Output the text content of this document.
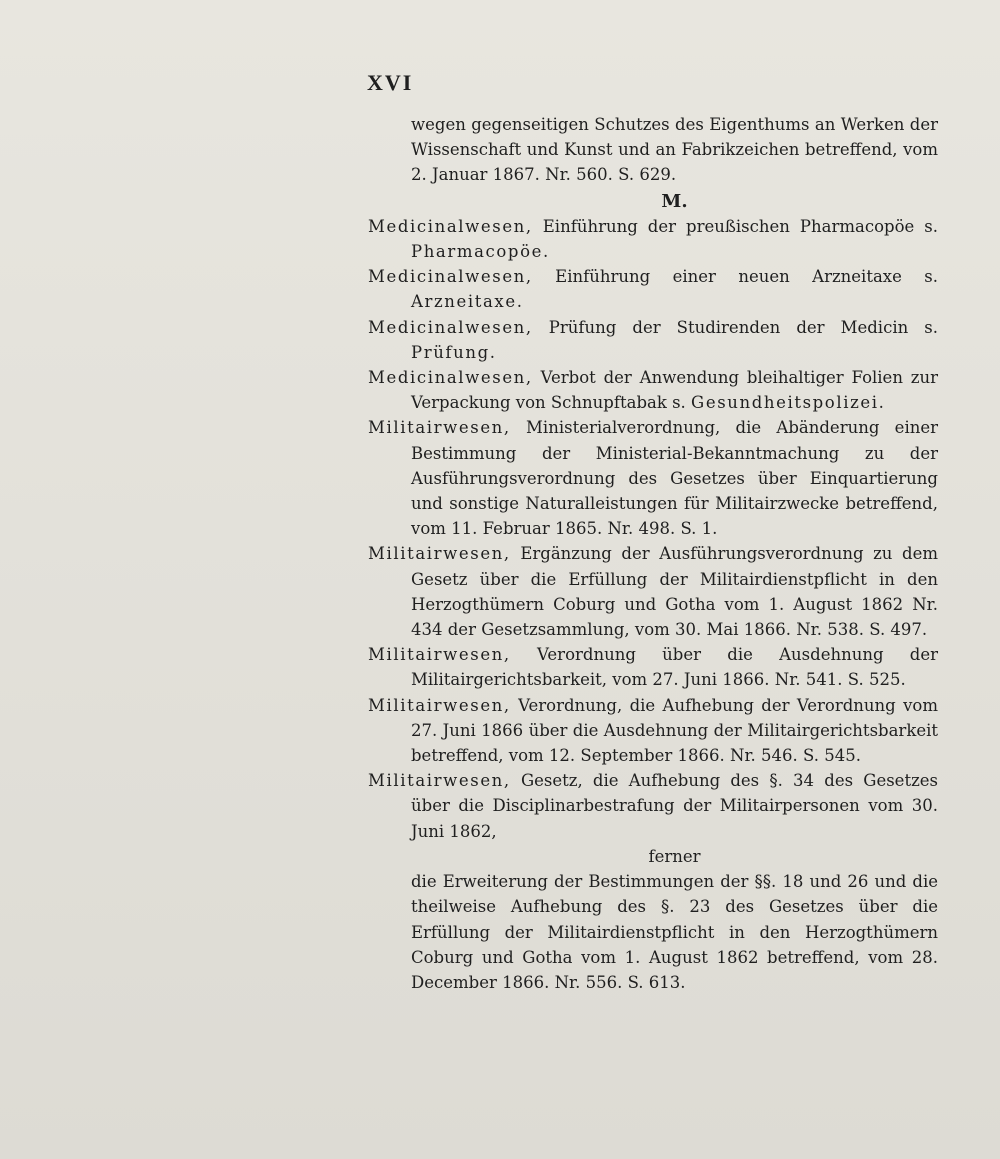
XVI
wegen gegenseitigen Schutzes des Eigenthums an Werken der Wissenschaft und Kunst und an Fabrikzeichen betreffend, vom 2. Januar 1867. Nr. 560. S. 629.
M.
Medicinalwesen, Einführung der preußischen Pharmacopöe s. Pharmacopöe.
Medicinalwesen, Einführung einer neuen Arzneitaxe s. Arzneitaxe.
Medicinalwesen, Prüfung der Studirenden der Medicin s. Prüfung.
Medicinalwesen, Verbot der Anwendung bleihaltiger Folien zur Verpackung von Schnupftabak s. Gesundheitspolizei.
Militairwesen, Ministerialverordnung, die Abänderung einer Bestimmung der Ministerial-Bekanntmachung zu der Ausführungsverordnung des Gesetzes über Einquartierung und sonstige Naturalleistungen für Militairzwecke betreffend, vom 11. Februar 1865. Nr. 498. S. 1.
Militairwesen, Ergänzung der Ausführungsverordnung zu dem Gesetz über die Erfüllung der Militairdienstpflicht in den Herzogthümern Coburg und Gotha vom 1. August 1862 Nr. 434 der Gesetzsammlung, vom 30. Mai 1866. Nr. 538. S. 497.
Militairwesen, Verordnung über die Ausdehnung der Militairgerichtsbarkeit, vom 27. Juni 1866. Nr. 541. S. 525.
Militairwesen, Verordnung, die Aufhebung der Verordnung vom 27. Juni 1866 über die Ausdehnung der Militairgerichtsbarkeit betreffend, vom 12. September 1866. Nr. 546. S. 545.
Militairwesen, Gesetz, die Aufhebung des §. 34 des Gesetzes über die Disciplinarbestrafung der Militairpersonen vom 30. Juni 1862,
ferner
die Erweiterung der Bestimmungen der §§. 18 und 26 und die theilweise Aufhebung des §. 23 des Gesetzes über die Erfüllung der Militairdienstpflicht in den Herzogthümern Coburg und Gotha vom 1. August 1862 betreffend, vom 28. December 1866. Nr. 556. S. 613.
